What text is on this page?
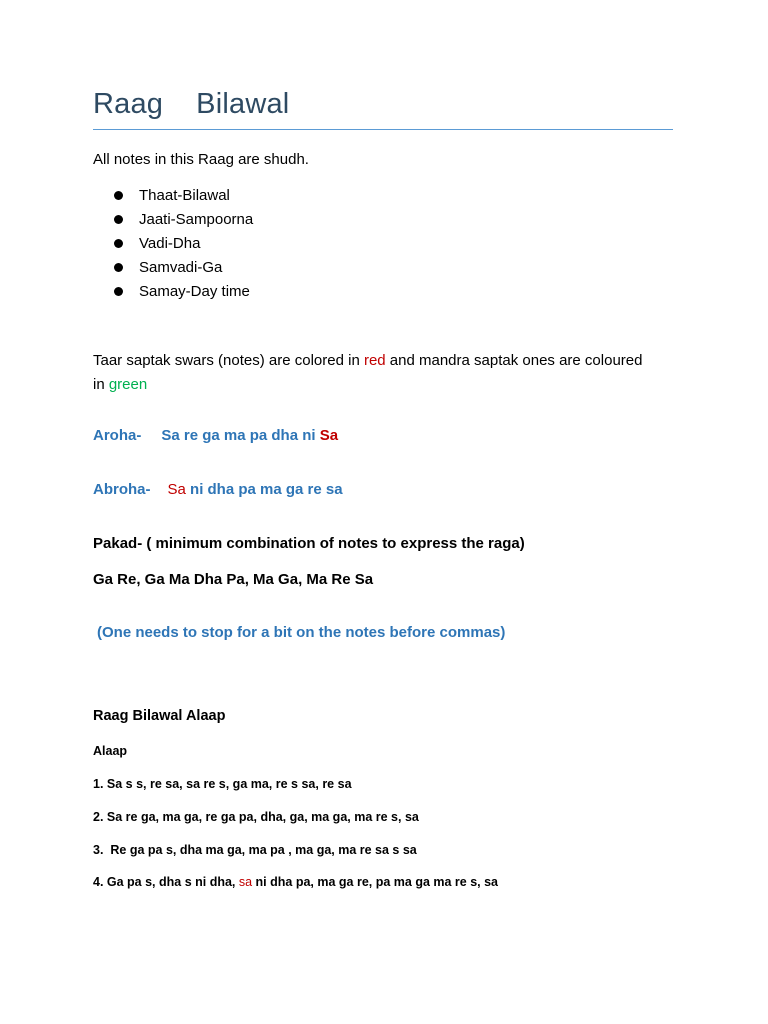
Raag    Bilawal
All notes in this Raag are shudh.
Thaat-Bilawal
Jaati-Sampoorna
Vadi-Dha
Samvadi-Ga
Samay-Day time
Taar saptak swars (notes) are colored in red and mandra saptak ones are coloured in green
Aroha- Sa re ga ma pa dha ni Sa
Abroha- Sa ni dha pa ma ga re sa
Pakad- ( minimum combination of notes to express the raga)
Ga Re, Ga Ma Dha Pa, Ma Ga, Ma Re Sa
(One needs to stop for a bit on the notes before commas)
Raag Bilawal Alaap
Alaap
1. Sa s s, re sa, sa re s, ga ma, re s sa, re sa
2. Sa re ga, ma ga, re ga pa, dha, ga, ma ga, ma re s, sa
3.  Re ga pa s, dha ma ga, ma pa , ma ga, ma re sa s sa
4. Ga pa s, dha s ni dha, sa ni dha pa, ma ga re, pa ma ga ma re s, sa
